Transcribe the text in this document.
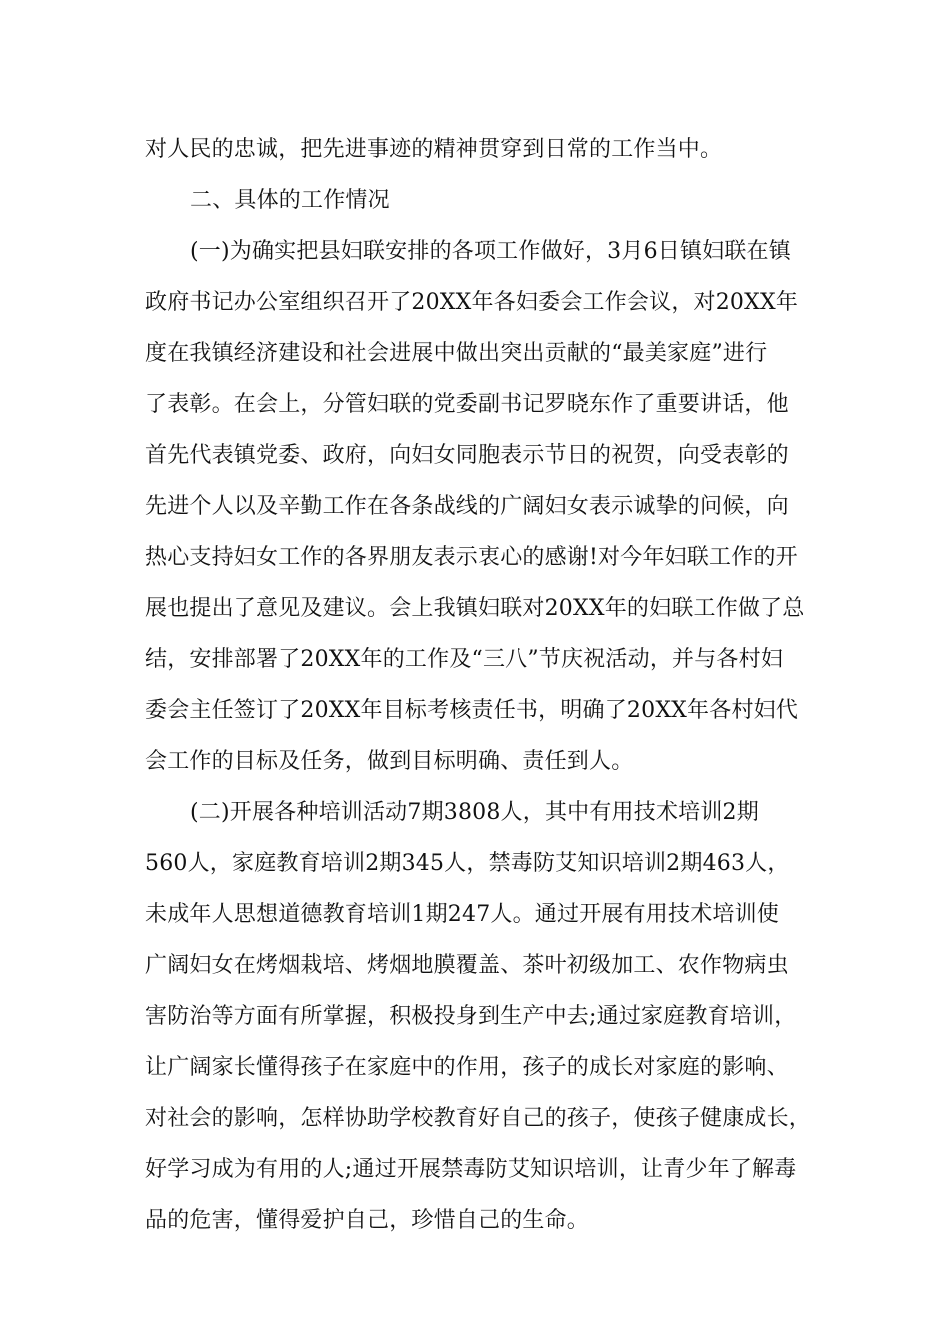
对人民的忠诚，把先进事迹的精神贯穿到日常的工作当中。
二、具体的工作情况
(一)为确实把县妇联安排的各项工作做好，3月6日镇妇联在镇
政府书记办公室组织召开了20XX年各妇委会工作会议，对20XX年
度在我镇经济建设和社会进展中做出突出贡献的“最美家庭”进行
了表彰。在会上，分管妇联的党委副书记罗晓东作了重要讲话，他
首先代表镇党委、政府，向妇女同胞表示节日的祝贺，向受表彰的
先进个人以及辛勤工作在各条战线的广阔妇女表示诚挚的问候，向
热心支持妇女工作的各界朋友表示衷心的感谢!对今年妇联工作的开
展也提出了意见及建议。会上我镇妇联对20XX年的妇联工作做了总
结，安排部署了20XX年的工作及“三八”节庆祝活动，并与各村妇
委会主任签订了20XX年目标考核责任书，明确了20XX年各村妇代
会工作的目标及任务，做到目标明确、责任到人。
(二)开展各种培训活动7期3808人，其中有用技术培训2期
560人，家庭教育培训2期345人，禁毒防艾知识培训2期463人，
未成年人思想道德教育培训1期247人。通过开展有用技术培训使
广阔妇女在烤烟栽培、烤烟地膜覆盖、茶叶初级加工、农作物病虫
害防治等方面有所掌握，积极投身到生产中去;通过家庭教育培训，
让广阔家长懂得孩子在家庭中的作用，孩子的成长对家庭的影响、
对社会的影响，怎样协助学校教育好自己的孩子，使孩子健康成长，
好学习成为有用的人;通过开展禁毒防艾知识培训，让青少年了解毒
品的危害，懂得爱护自己，珍惜自己的生命。
